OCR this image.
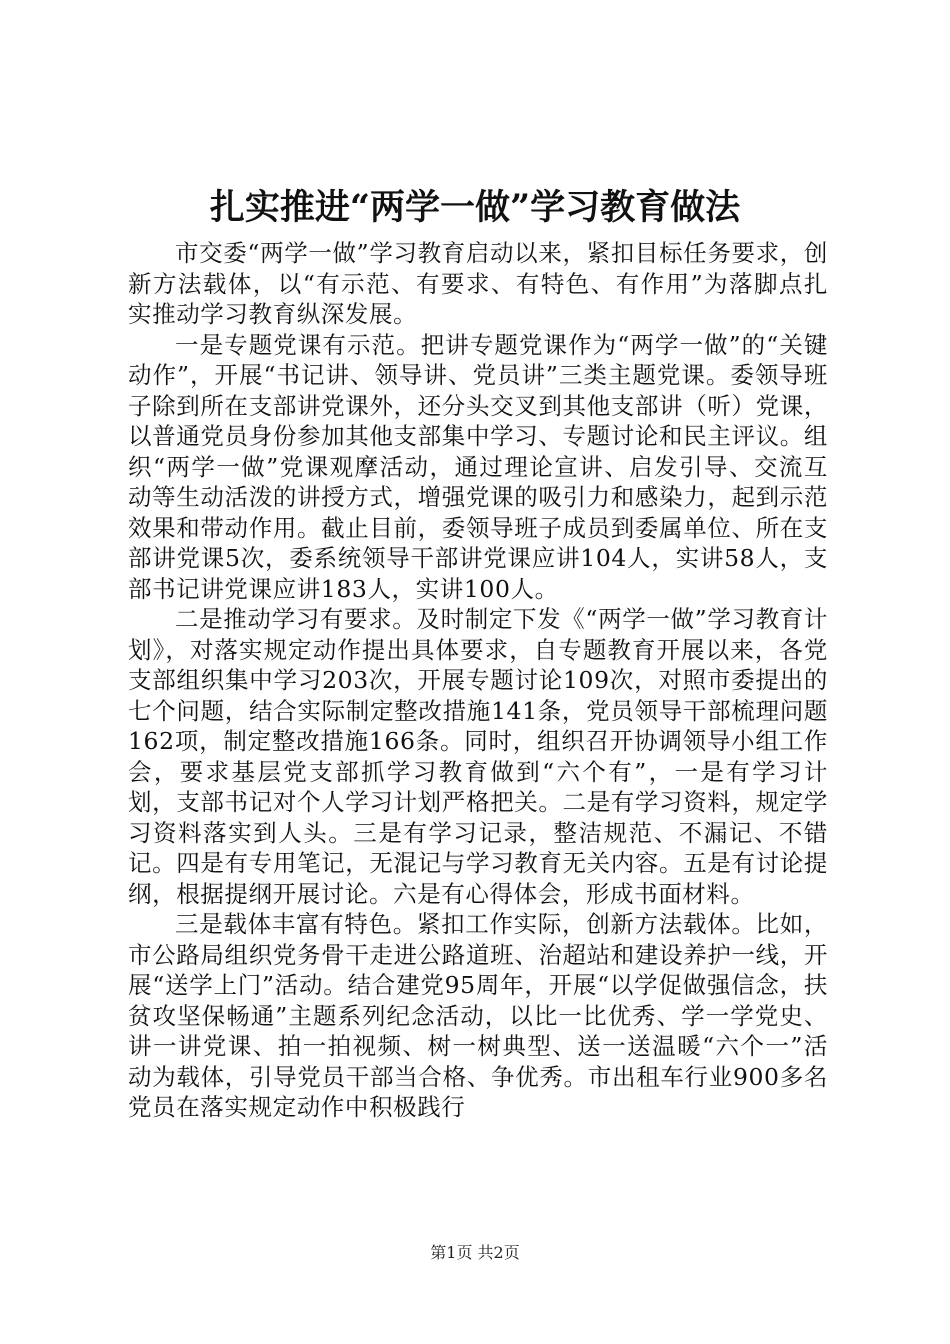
扎实推进“两学一做”学习教育做法

市交委“两学一做”学习教育启动以来，紧扣目标任务要求，创新方法载体，以“有示范、有要求、有特色、有作用”为落脚点扎实推动学习教育纵深发展。

一是专题党课有示范。把讲专题党课作为“两学一做”的“关键动作”，开展“书记讲、领导讲、党员讲”三类主题党课。委领导班子除到所在支部讲党课外，还分头交叉到其他支部讲（听）党课，以普通党员身份参加其他支部集中学习、专题讨论和民主评议。组织“两学一做”党课观摩活动，通过理论宣讲、启发引导、交流互动等生动活泼的讲授方式，增强党课的吸引力和感染力，起到示范效果和带动作用。截止目前，委领导班子成员到委属单位、所在支部讲党课5次，委系统领导干部讲党课应讲104人，实讲58人，支部书记讲党课应讲183人，实讲100人。

二是推动学习有要求。及时制定下发《“两学一做”学习教育计划》，对落实规定动作提出具体要求，自专题教育开展以来，各党支部组织集中学习203次，开展专题讨论109次，对照市委提出的七个问题，结合实际制定整改措施141条，党员领导干部梳理问题162项，制定整改措施166条。同时，组织召开协调领导小组工作会，要求基层党支部抓学习教育做到“六个有”，一是有学习计划，支部书记对个人学习计划严格把关。二是有学习资料，规定学习资料落实到人头。三是有学习记录，整洁规范、不漏记、不错记。四是有专用笔记，无混记与学习教育无关内容。五是有讨论提纲，根据提纲开展讨论。六是有心得体会，形成书面材料。

三是载体丰富有特色。紧扣工作实际，创新方法载体。比如，市公路局组织党务骨干走进公路道班、治超站和建设养护一线，开展“送学上门”活动。结合建党95周年，开展“以学促做强信念，扶贫攻坚保畅通”主题系列纪念活动，以比一比优秀、学一学党史、讲一讲党课、拍一拍视频、树一树典型、送一送温暖“六个一”活动为载体，引导党员干部当合格、争优秀。市出租车行业900多名党员在落实规定动作中积极践行

第1页 共2页
